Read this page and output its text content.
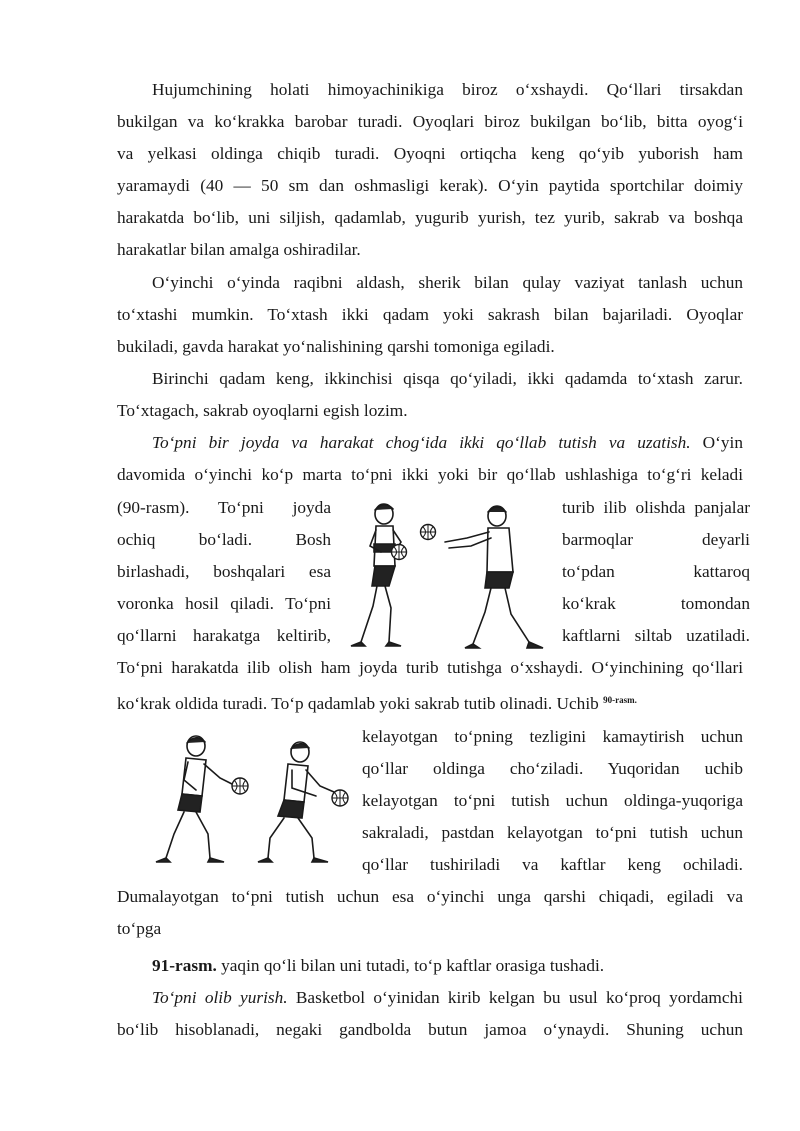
Hujumchining holati himoyachinikiga biroz o‘xshaydi. Qo‘llari tirsakdan
bukilgan va ko‘krakka barobar turadi. Oyoqlari biroz bukilgan bo‘lib, bitta oyog‘i
va yelkasi oldinga chiqib turadi. Oyoqni ortiqcha keng qo‘yib yuborish ham
yaramaydi (40 — 50 sm dan oshmasligi kerak). O‘yin paytida sportchilar doimiy
harakatda bo‘lib, uni siljish, qadamlab, yugurib yurish, tez yurib, sakrab va boshqa
harakatlar bilan amalga oshiradilar.
O‘yinchi o‘yinda raqibni aldash, sherik bilan qulay vaziyat tanlash uchun
to‘xtashi mumkin. To‘xtash ikki qadam yoki sakrash bilan bajariladi. Oyoqlar
bukiladi, gavda harakat yo‘nalishining qarshi tomoniga egiladi.
Birinchi qadam keng, ikkinchisi qisqa qo‘yiladi, ikki qadamda to‘xtash zarur.
To‘xtagach, sakrab oyoqlarni egish lozim.
To‘pni bir joyda va harakat chog‘ida ikki qo‘llab tutish va uzatish. O‘yin
davomida o‘yinchi ko‘p marta to‘pni ikki yoki bir qo‘llab ushlashiga to‘g‘ri keladi
(90-rasm). To‘pni joyda
ochiq bo‘ladi. Bosh
birlashadi, boshqalari esa
voronka hosil qiladi. To‘pni
qo‘llarni harakatga keltirib,
turib ilib olishda panjalar
barmoqlar deyarli
to‘pdan kattaroq
ko‘krak tomondan
kaftlarni siltab uzatiladi.
To‘pni harakatda ilib olish ham joyda turib tutishga o‘xshaydi. O‘yinchining qo‘llari
ko‘krak oldida turadi. To‘p qadamlab yoki sakrab tutib olinadi. Uchib $^{90-rasm.}$
kelayotgan to‘pning tezligini kamaytirish uchun
qo‘llar oldinga cho‘ziladi. Yuqoridan uchib
kelayotgan to‘pni tutish uchun oldinga-yuqoriga
sakraladi, pastdan kelayotgan to‘pni tutish uchun
qo‘llar tushiriladi va kaftlar keng ochiladi.
Dumalayotgan to‘pni tutish uchun esa o‘yinchi unga qarshi chiqadi, egiladi va
to‘pga
91-rasm. yaqin qo‘li bilan uni tutadi, to‘p kaftlar orasiga tushadi.
To‘pni olib yurish. Basketbol o‘yinidan kirib kelgan bu usul ko‘proq yordamchi
bo‘lib hisoblanadi, negaki gandbolda butun jamoa o‘ynaydi. Shuning uchun
